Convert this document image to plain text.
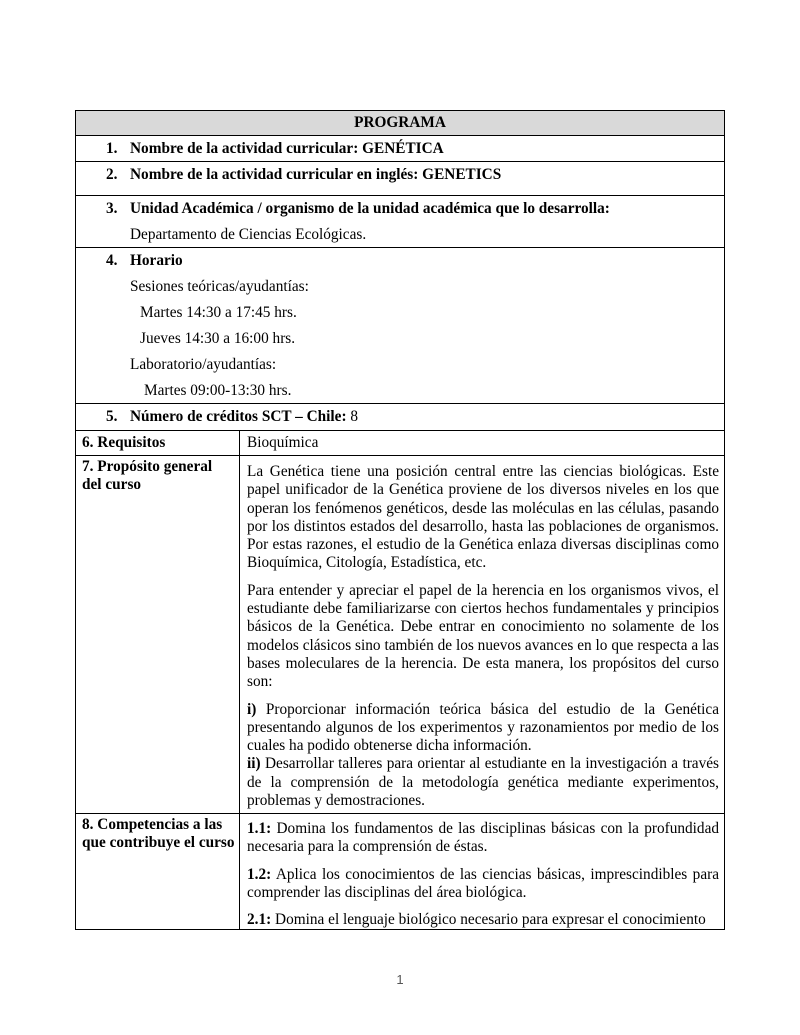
PROGRAMA
1. Nombre de la actividad curricular: GENÉTICA
2. Nombre de la actividad curricular en inglés: GENETICS
3. Unidad Académica / organismo de la unidad académica que lo desarrolla:
Departamento de Ciencias Ecológicas.
4. Horario
Sesiones teóricas/ayudantías:
Martes 14:30 a 17:45 hrs.
Jueves 14:30 a 16:00 hrs.
Laboratorio/ayudantías:
Martes 09:00-13:30 hrs.
5. Número de créditos SCT – Chile: 8
6. Requisitos	Bioquímica
7. Propósito general del curso

La Genética tiene una posición central entre las ciencias biológicas. Este papel unificador de la Genética proviene de los diversos niveles en los que operan los fenómenos genéticos, desde las moléculas en las células, pasando por los distintos estados del desarrollo, hasta las poblaciones de organismos. Por estas razones, el estudio de la Genética enlaza diversas disciplinas como Bioquímica, Citología, Estadística, etc.

Para entender y apreciar el papel de la herencia en los organismos vivos, el estudiante debe familiarizarse con ciertos hechos fundamentales y principios básicos de la Genética. Debe entrar en conocimiento no solamente de los modelos clásicos sino también de los nuevos avances en lo que respecta a las bases moleculares de la herencia. De esta manera, los propósitos del curso son:

i) Proporcionar información teórica básica del estudio de la Genética presentando algunos de los experimentos y razonamientos por medio de los cuales ha podido obtenerse dicha información.

ii) Desarrollar talleres para orientar al estudiante en la investigación a través de la comprensión de la metodología genética mediante experimentos, problemas y demostraciones.

8. Competencias a las que contribuye el curso

1.1: Domina los fundamentos de las disciplinas básicas con la profundidad necesaria para la comprensión de éstas.

1.2: Aplica los conocimientos de las ciencias básicas, imprescindibles para comprender las disciplinas del área biológica.

2.1: Domina el lenguaje biológico necesario para expresar el conocimiento

1
